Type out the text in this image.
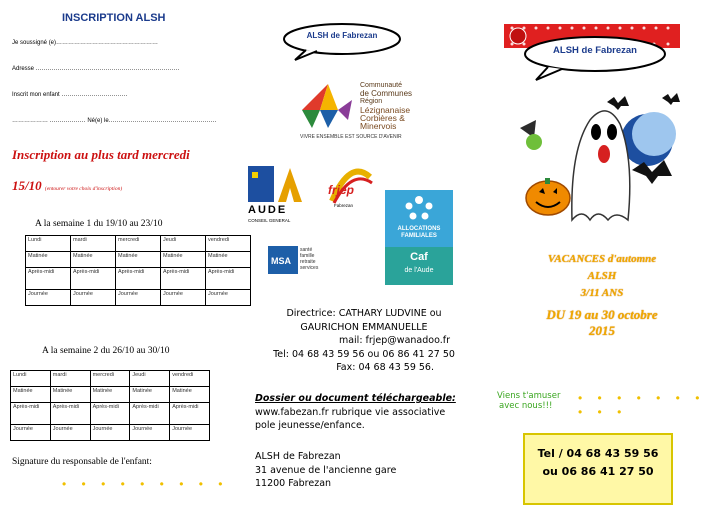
INSCRIPTION ALSH
Je soussigné (e)……………………………………………
Adresse ………………………………………………………………
Inscrit mon enfant ……………………………
……………… ……………… Né(e) le………………………………………………
Inscription au plus tard mercredi
15/10 (entourer votre choix d'inscription)
A la semaine 1 du 19/10 au 23/10
Lundi	mardi	mercredi	Jeudi	vendredi
Matinée	Matinée	Matinée	Matinée	Matinée
Après-midi	Après-midi	Après-midi	Après-midi	Après-midi
Journée	Journée	Journée	Journée	Journée
A la semaine 2 du 26/10 au 30/10
Lundi	mardi	mercredi	Jeudi	vendredi
Matinée	Matinée	Matinée	Matinée	Matinée
Après-midi	Après-midi	Après-midi	Après-midi	Après-midi
Journée	Journée	Journée	Journée	Journée
Signature du responsable de l'enfant:
• • • • • • • • •
ALSH de Fabrezan
Communauté
de Communes
Région
Lézignanaise
Corbières &
Minervois
VIVRE ENSEMBLE EST SOURCE D'AVENIR
AUDE
CONSEIL GENERAL
frjep
Fabrezan
MSA
santé
famille
retraite
services
ALLOCATIONS
FAMILIALES
Caf
de l'Aude
Directrice: CATHARY LUDVINE ou
GAURICHON EMMANUELLE
mail: frjep@wanadoo.fr
Tel: 04 68 43 59 56 ou 06 86 41 27 50
Fax: 04 68 43 59 56.
Dossier ou document téléchargeable:
www.fabezan.fr rubrique vie associative
pole jeunesse/enfance.
ALSH de Fabrezan
31 avenue de l'ancienne gare
11200 Fabrezan
ALSH de Fabrezan
VACANCES d'automne
ALSH
3/11 ANS
DU 19 au 30 octobre 2015
Viens t'amuser
avec nous!!!
• • • • • • • • • •
Tel / 04 68 43 59 56
ou 06 86 41 27 50
